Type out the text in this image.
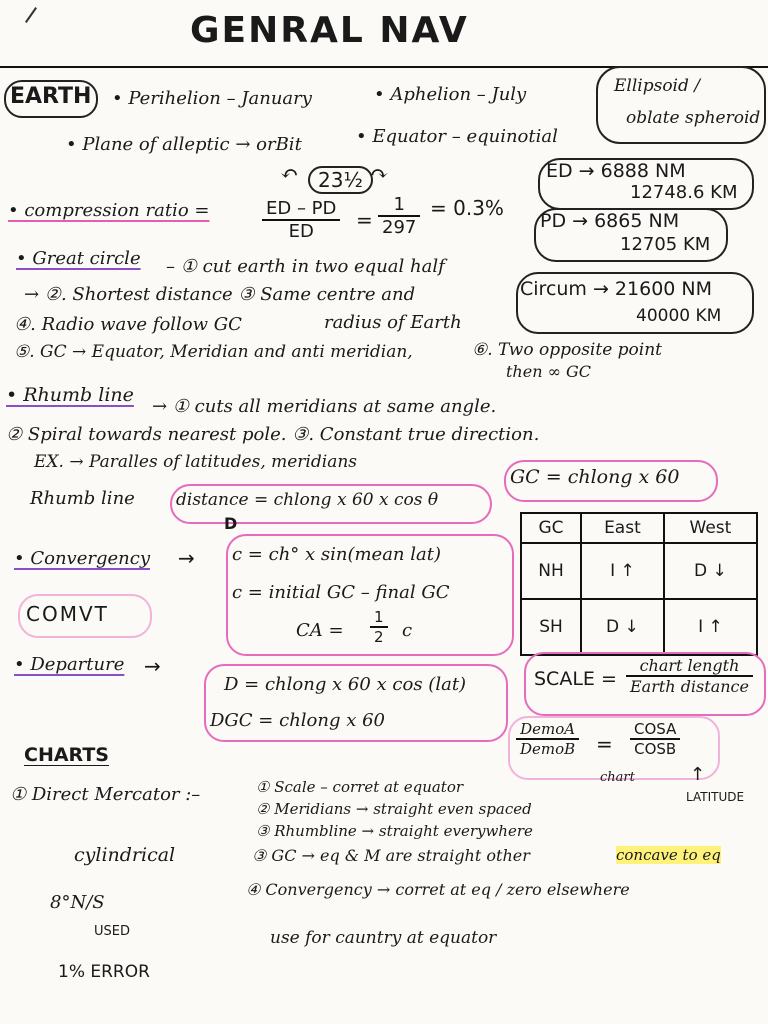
GENRAL NAV
EARTH • Perihelion – January	• Aphelion – July	Ellipsoid /
oblate spheroid
• Plane of alleptic → orBit	• Equator – equinotial
23½
↶	↷	ED → 6888 NM
12748.6 KM
PD → 6865 NM
12705 KM
Circum → 21600 NM
40000 KM
• compression ratio =	$\frac{ED - PD}{ED} = \frac{1}{297} = 0.3\%$
• Great circle – ① cut earth in two equal half
→ ②. Shortest distance ③ Same centre and
④. Radio wave follow GC	radius of Earth
⑤. GC → Equator, Meridian and anti meridian,	⑥. Two opposite point
then ∞ GC
• Rhumb line
→ ① cuts all meridians at same angle.
② Spiral towards nearest pole. ③. Constant true direction.
EX. → Paralles of latitudes, meridians
Rhumb line distance = chlong x 60 x cos θ
D
GC = chlong x 60
• Convergency → c = ch° x sin(mean lat)
c = initial GC – final GC
CA = $\frac{1}{2}$ c
COMVT
GC	East	West
NH	I ↑	D ↓
SH	D ↓	I ↑
• Departure →
D = chlong x 60 x cos (lat)
DGC = chlong x 60
SCALE =
chart length
Earth distance
DemoA
DemoB =
COSA
COSB
chart	↑
LATITUDE
CHARTS
① Direct Mercator :–	① Scale – corret at equator
② Meridians → straight even spaced
③ Rhumbline → straight everywhere
③ GC → eq & M are straight other	concave to eq
④ Convergency → corret at eq / zero elsewhere
use for cauntry at equator
cylindrical
8°N/S
USED
1% ERROR
